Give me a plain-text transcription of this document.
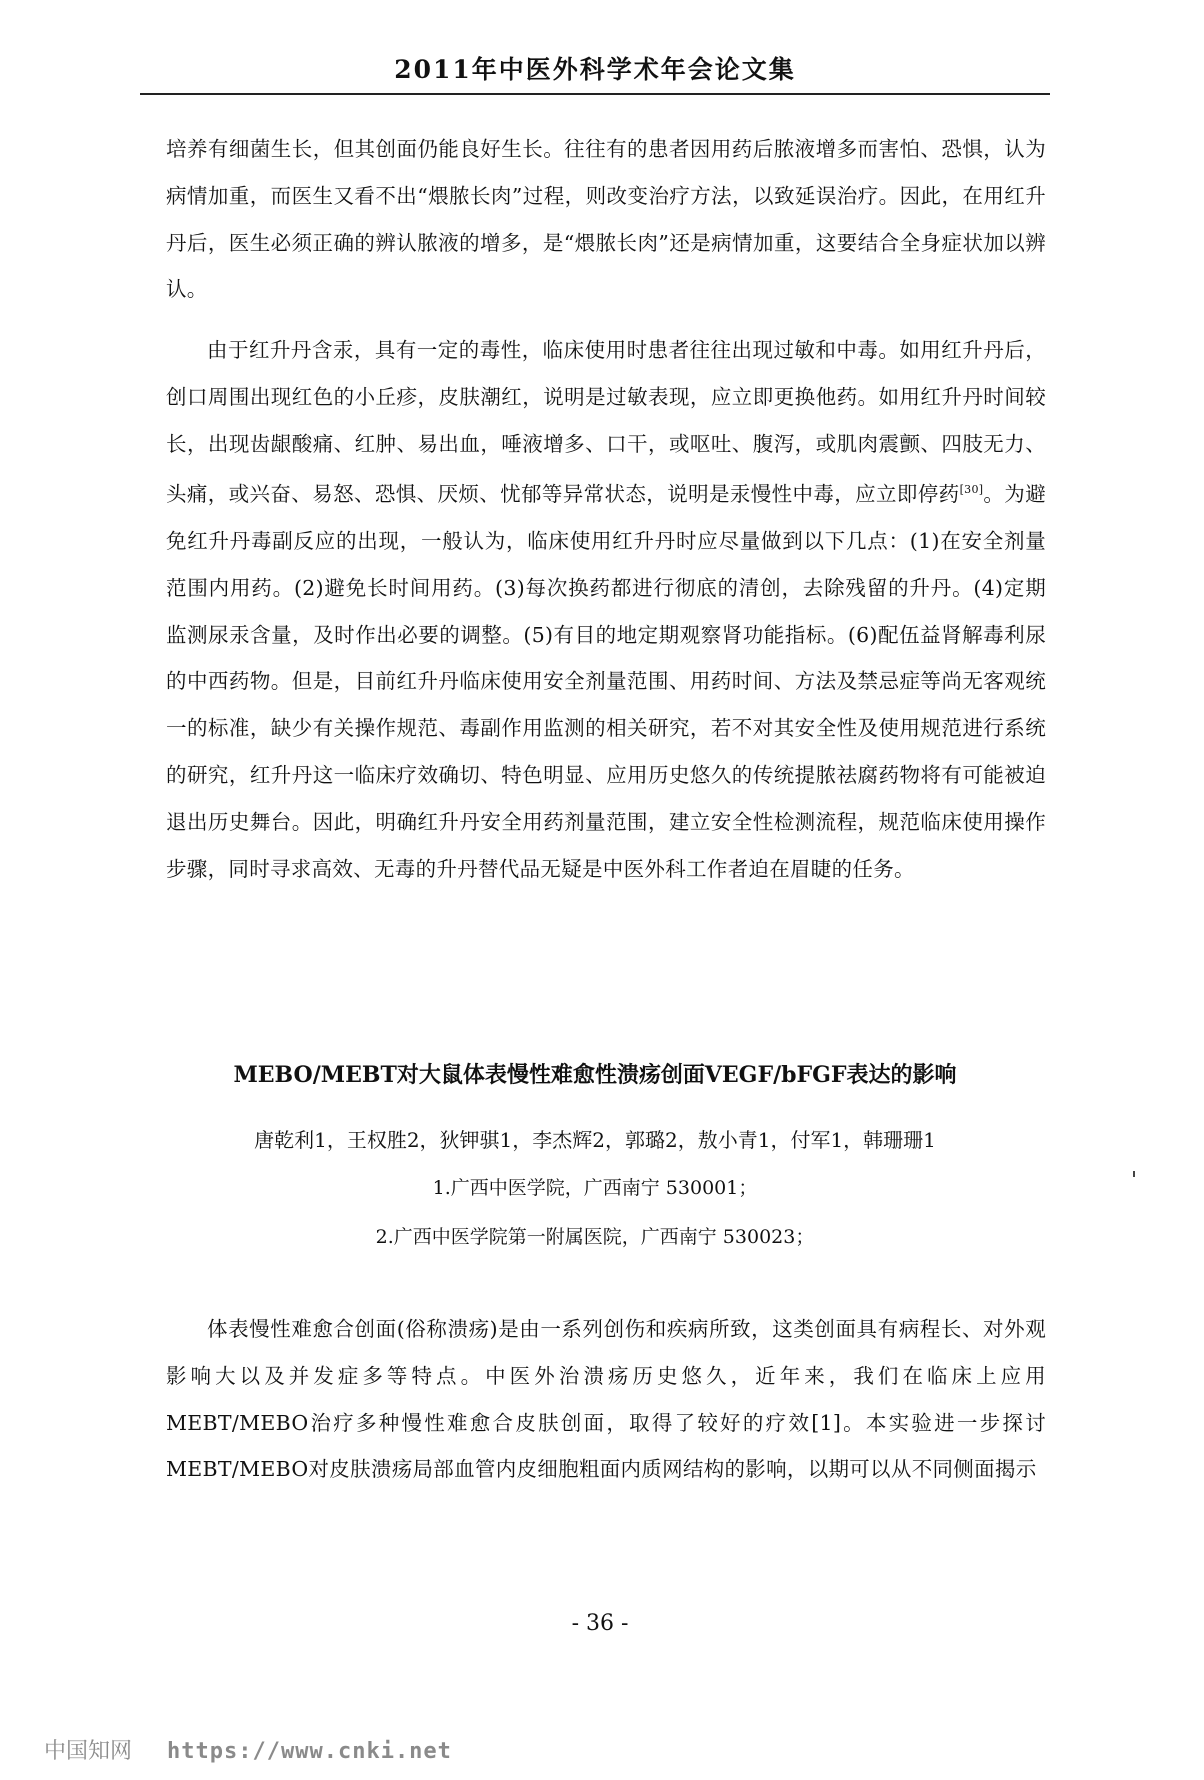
2011年中医外科学术年会论文集

培养有细菌生长，但其创面仍能良好生长。往往有的患者因用药后脓液增多而害怕、恐惧，认为病情加重，而医生又看不出“煨脓长肉”过程，则改变治疗方法，以致延误治疗。因此，在用红升丹后，医生必须正确的辨认脓液的增多，是“煨脓长肉”还是病情加重，这要结合全身症状加以辨认。

由于红升丹含汞，具有一定的毒性，临床使用时患者往往出现过敏和中毒。如用红升丹后，创口周围出现红色的小丘疹，皮肤潮红，说明是过敏表现，应立即更换他药。如用红升丹时间较长，出现齿龈酸痛、红肿、易出血，唾液增多、口干，或呕吐、腹泻，或肌肉震颤、四肢无力、头痛，或兴奋、易怒、恐惧、厌烦、忧郁等异常状态，说明是汞慢性中毒，应立即停药[30]。为避免红升丹毒副反应的出现，一般认为，临床使用红升丹时应尽量做到以下几点：(1)在安全剂量范围内用药。(2)避免长时间用药。(3)每次换药都进行彻底的清创，去除残留的升丹。(4)定期监测尿汞含量，及时作出必要的调整。(5)有目的地定期观察肾功能指标。(6)配伍益肾解毒利尿的中西药物。但是，目前红升丹临床使用安全剂量范围、用药时间、方法及禁忌症等尚无客观统一的标准，缺少有关操作规范、毒副作用监测的相关研究，若不对其安全性及使用规范进行系统的研究，红升丹这一临床疗效确切、特色明显、应用历史悠久的传统提脓祛腐药物将有可能被迫退出历史舞台。因此，明确红升丹安全用药剂量范围，建立安全性检测流程，规范临床使用操作步骤，同时寻求高效、无毒的升丹替代品无疑是中医外科工作者迫在眉睫的任务。

MEBO/MEBT对大鼠体表慢性难愈性溃疡创面VEGF/bFGF表达的影响
唐乾利1，王权胜2，狄钾骐1，李杰辉2，郭璐2，敖小青1，付军1，韩珊珊1
1.广西中医学院，广西南宁 530001；
2.广西中医学院第一附属医院，广西南宁 530023；

体表慢性难愈合创面(俗称溃疡)是由一系列创伤和疾病所致，这类创面具有病程长、对外观影响大以及并发症多等特点。中医外治溃疡历史悠久，近年来，我们在临床上应用MEBT/MEBO治疗多种慢性难愈合皮肤创面，取得了较好的疗效[1]。本实验进一步探讨MEBT/MEBO对皮肤溃疡局部血管内皮细胞粗面内质网结构的影响，以期可以从不同侧面揭示

- 36 -
中国知网 https://www.cnki.net
